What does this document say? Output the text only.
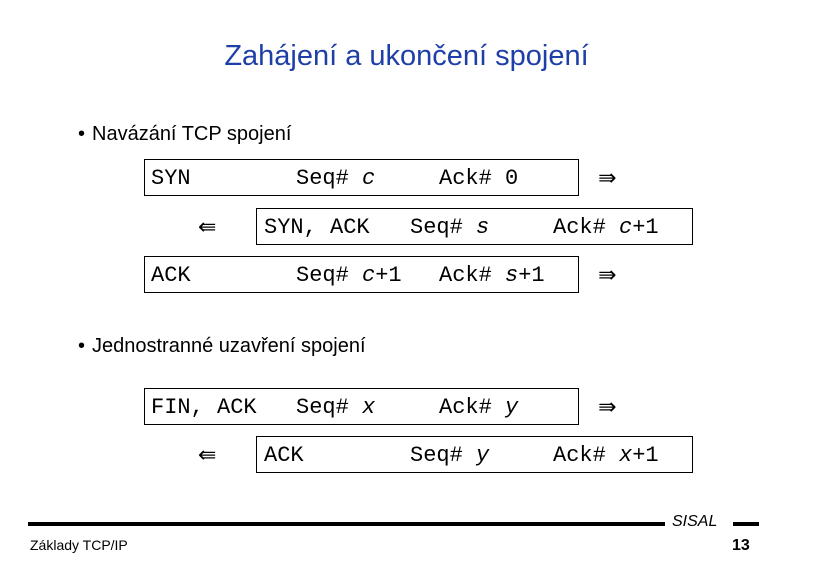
Zahájení a ukončení spojení
• Navázání TCP spojení
SYN	Seq# c	Ack# 0	⇛
⇚ SYN, ACK Seq# s	Ack# c+1
ACK	Seq# c+1 Ack# s+1 ⇛
• Jednostranné uzavření spojení
FIN, ACK Seq# x	Ack# y	⇛
⇚ ACK	Seq# y	Ack# x+1
SISAL
Základy TCP/IP	13
